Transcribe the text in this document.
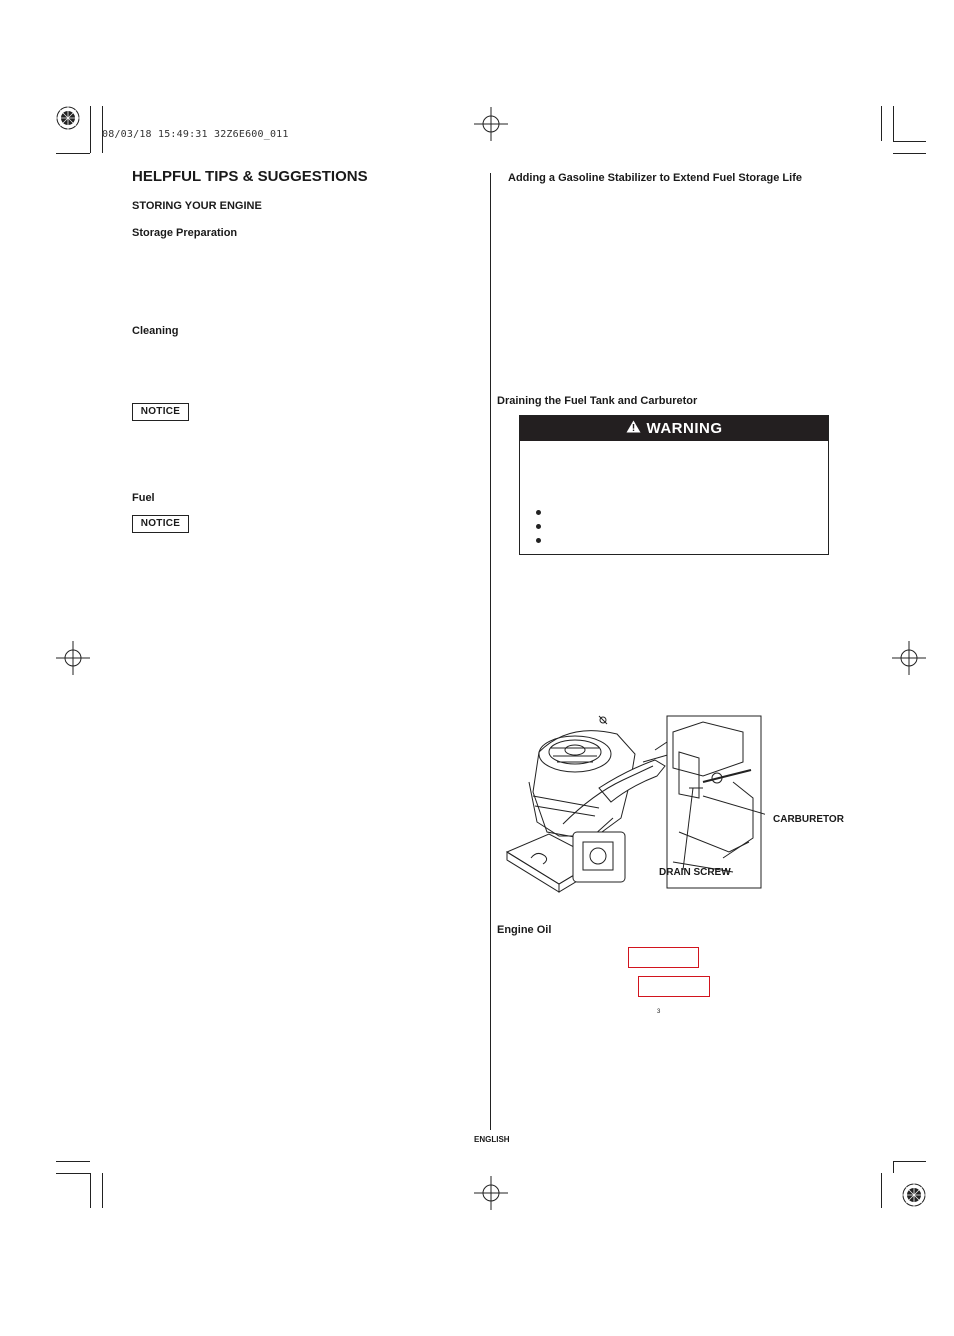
08/03/18 15:49:31 32Z6E600_011
HELPFUL TIPS & SUGGESTIONS
STORING YOUR ENGINE
Storage Preparation
Cleaning
NOTICE
Fuel
NOTICE
Adding a Gasoline Stabilizer to Extend Fuel Storage Life
Draining the Fuel Tank and Carburetor
WARNING
CARBURETOR
DRAIN SCREW
Engine Oil
3
ENGLISH
